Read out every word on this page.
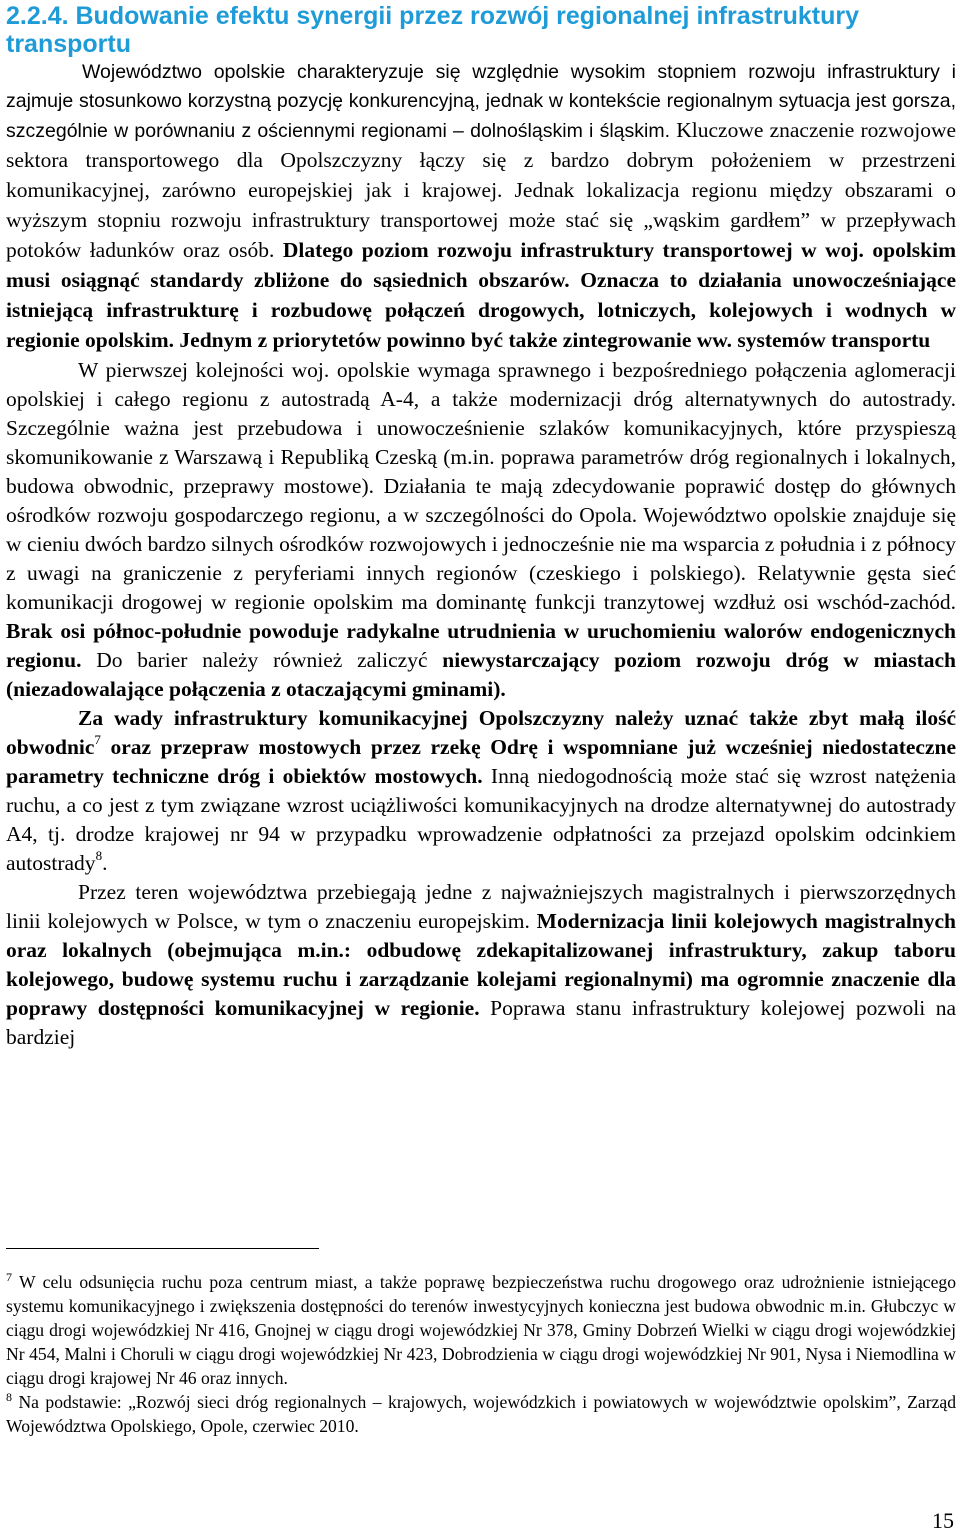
2.2.4. Budowanie efektu synergii przez rozwój regionalnej infrastruktury transportu

Województwo opolskie charakteryzuje się względnie wysokim stopniem rozwoju infrastruktury i zajmuje stosunkowo korzystną pozycję konkurencyjną, jednak w kontekście regionalnym sytuacja jest gorsza, szczególnie w porównaniu z ościennymi regionami – dolnośląskim i śląskim. Kluczowe znaczenie rozwojowe sektora transportowego dla Opolszczyzny łączy się z bardzo dobrym położeniem w przestrzeni komunikacyjnej, zarówno europejskiej jak i krajowej. Jednak lokalizacja regionu między obszarami o wyższym stopniu rozwoju infrastruktury transportowej może stać się „wąskim gardłem” w przepływach potoków ładunków oraz osób. Dlatego poziom rozwoju infrastruktury transportowej w woj. opolskim musi osiągnąć standardy zbliżone do sąsiednich obszarów. Oznacza to działania unowocześniające istniejącą infrastrukturę i rozbudowę połączeń drogowych, lotniczych, kolejowych i wodnych w regionie opolskim. Jednym z priorytetów powinno być także zintegrowanie ww. systemów transportu

W pierwszej kolejności woj. opolskie wymaga sprawnego i bezpośredniego połączenia aglomeracji opolskiej i całego regionu z autostradą A-4, a także modernizacji dróg alternatywnych do autostrady. Szczególnie ważna jest przebudowa i unowocześnienie szlaków komunikacyjnych, które przyspieszą skomunikowanie z Warszawą i Republiką Czeską (m.in. poprawa parametrów dróg regionalnych i lokalnych, budowa obwodnic, przeprawy mostowe). Działania te mają zdecydowanie poprawić dostęp do głównych ośrodków rozwoju gospodarczego regionu, a w szczególności do Opola. Województwo opolskie znajduje się w cieniu dwóch bardzo silnych ośrodków rozwojowych i jednocześnie nie ma wsparcia z południa i z północy z uwagi na graniczenie z peryferiami innych regionów (czeskiego i polskiego). Relatywnie gęsta sieć komunikacji drogowej w regionie opolskim ma dominantę funkcji tranzytowej wzdłuż osi wschód-zachód. Brak osi północ-południe powoduje radykalne utrudnienia w uruchomieniu walorów endogenicznych regionu. Do barier należy również zaliczyć niewystarczający poziom rozwoju dróg w miastach (niezadowalające połączenia z otaczającymi gminami).

Za wady infrastruktury komunikacyjnej Opolszczyzny należy uznać także zbyt małą ilość obwodnic$^7$ oraz przepraw mostowych przez rzekę Odrę i wspomniane już wcześniej niedostateczne parametry techniczne dróg i obiektów mostowych. Inną niedogodnością może stać się wzrost natężenia ruchu, a co jest z tym związane wzrost uciążliwości komunikacyjnych na drodze alternatywnej do autostrady A4, tj. drodze krajowej nr 94 w przypadku wprowadzenie odpłatności za przejazd opolskim odcinkiem autostrady$^8$.

Przez teren województwa przebiegają jedne z najważniejszych magistralnych i pierwszorzędnych linii kolejowych w Polsce, w tym o znaczeniu europejskim. Modernizacja linii kolejowych magistralnych oraz lokalnych (obejmująca m.in.: odbudowę zdekapitalizowanej infrastruktury, zakup taboru kolejowego, budowę systemu ruchu i zarządzanie kolejami regionalnymi) ma ogromnie znaczenie dla poprawy dostępności komunikacyjnej w regionie. Poprawa stanu infrastruktury kolejowej pozwoli na bardziej

$^7$ W celu odsunięcia ruchu poza centrum miast, a także poprawę bezpieczeństwa ruchu drogowego oraz udrożnienie istniejącego systemu komunikacyjnego i zwiększenia dostępności do terenów inwestycyjnych konieczna jest budowa obwodnic m.in. Głubczyc w ciągu drogi wojewódzkiej Nr 416, Gnojnej w ciągu drogi wojewódzkiej Nr 378, Gminy Dobrzeń Wielki w ciągu drogi wojewódzkiej Nr 454, Malni i Choruli w ciągu drogi wojewódzkiej Nr 423, Dobrodzienia w ciągu drogi wojewódzkiej Nr 901, Nysa i Niemodlina w ciągu drogi krajowej Nr 46 oraz innych.

$^8$ Na podstawie: „Rozwój sieci dróg regionalnych – krajowych, wojewódzkich i powiatowych w województwie opolskim”, Zarząd Województwa Opolskiego, Opole, czerwiec 2010.

15
